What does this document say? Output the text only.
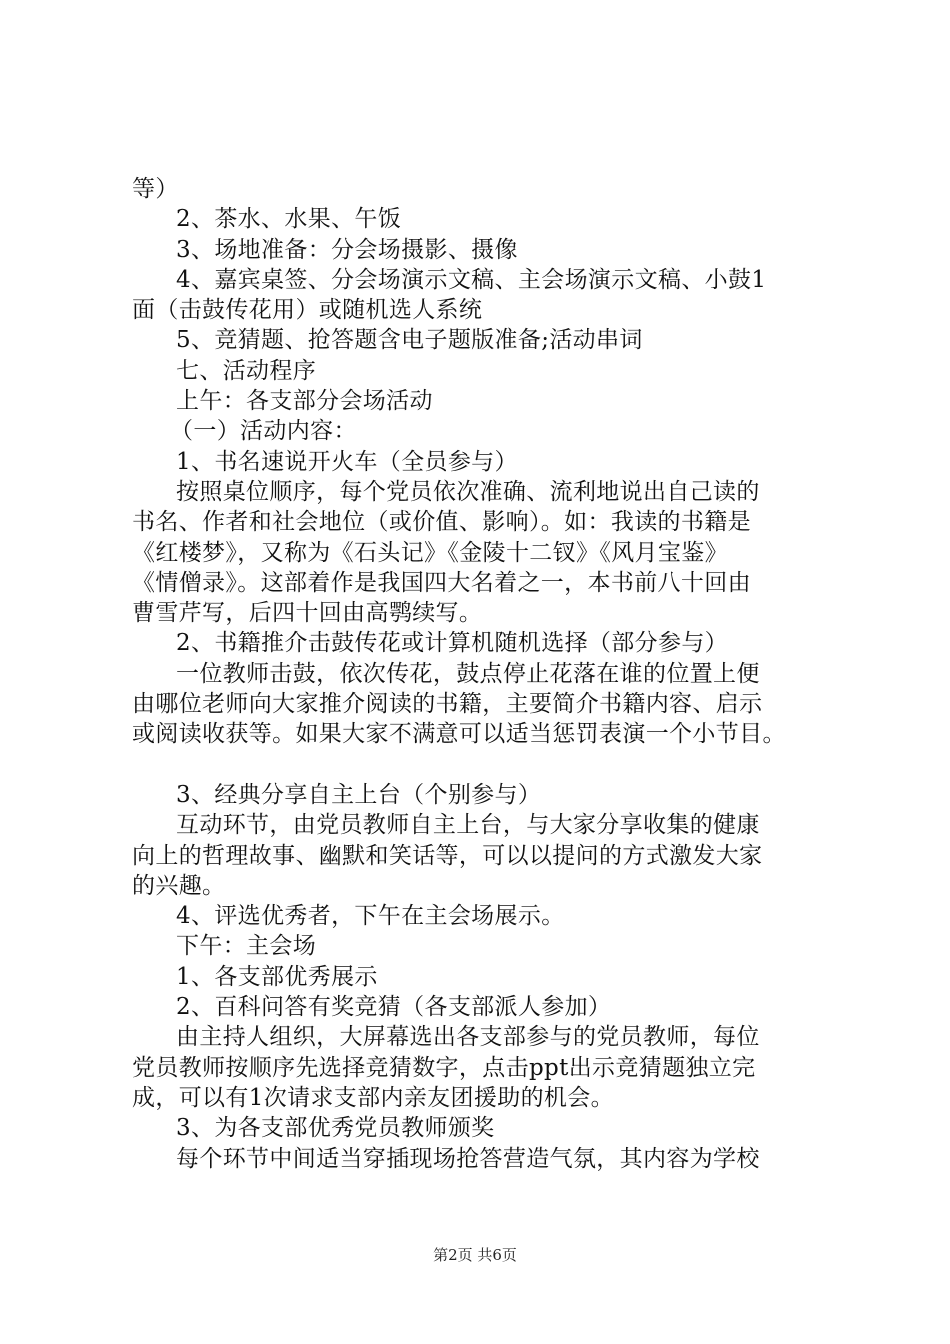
等）
2、茶水、水果、午饭
3、场地准备：分会场摄影、摄像
4、嘉宾桌签、分会场演示文稿、主会场演示文稿、小鼓1
面（击鼓传花用）或随机选人系统
5、竞猜题、抢答题含电子题版准备;活动串词
七、活动程序
上午：各支部分会场活动
（一）活动内容：
1、书名速说开火车（全员参与）
按照桌位顺序，每个党员依次准确、流利地说出自己读的
书名、作者和社会地位（或价值、影响）。如：我读的书籍是
《红楼梦》，又称为《石头记》《金陵十二钗》《风月宝鉴》
《情僧录》。这部着作是我国四大名着之一，本书前八十回由
曹雪芹写，后四十回由高鹗续写。
2、书籍推介击鼓传花或计算机随机选择（部分参与）
一位教师击鼓，依次传花，鼓点停止花落在谁的位置上便
由哪位老师向大家推介阅读的书籍，主要简介书籍内容、启示
或阅读收获等。如果大家不满意可以适当惩罚表演一个小节目。
3、经典分享自主上台（个别参与）
互动环节，由党员教师自主上台，与大家分享收集的健康
向上的哲理故事、幽默和笑话等，可以以提问的方式激发大家
的兴趣。
4、评选优秀者，下午在主会场展示。
下午：主会场
1、各支部优秀展示
2、百科问答有奖竞猜（各支部派人参加）
由主持人组织，大屏幕选出各支部参与的党员教师，每位
党员教师按顺序先选择竞猜数字，点击ppt出示竞猜题独立完
成，可以有1次请求支部内亲友团援助的机会。
3、为各支部优秀党员教师颁奖
每个环节中间适当穿插现场抢答营造气氛，其内容为学校
第2页 共6页
